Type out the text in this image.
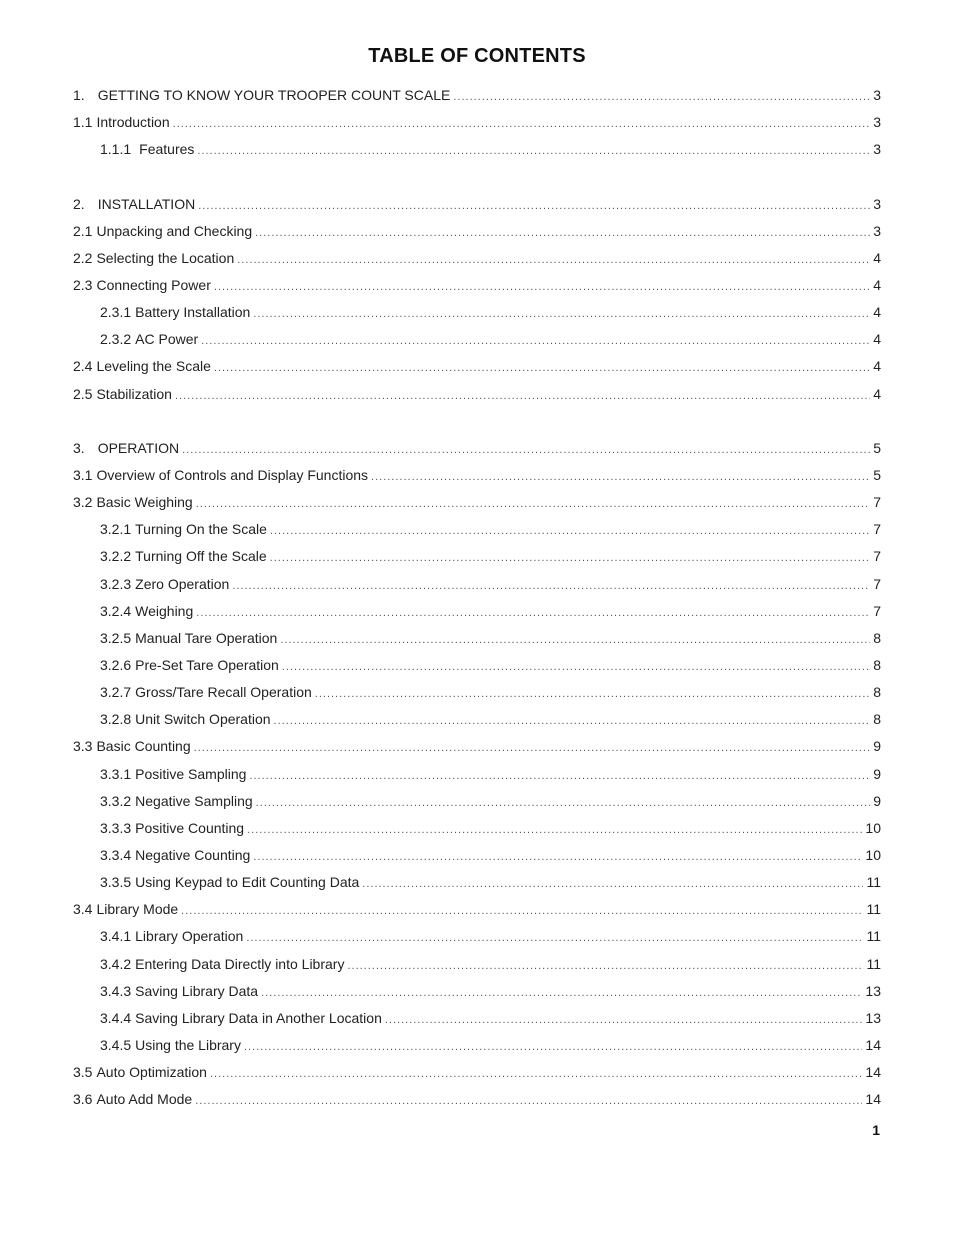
TABLE OF CONTENTS
1. GETTING TO KNOW YOUR TROOPER COUNT SCALE .....	3
1.1 Introduction .....	3
1.1.1 Features .....	3
2. INSTALLATION .....	3
2.1 Unpacking and Checking .....	3
2.2 Selecting the Location .....	4
2.3 Connecting Power .....	4
2.3.1 Battery Installation .....	4
2.3.2 AC Power .....	4
2.4 Leveling the Scale .....	4
2.5 Stabilization .....	4
3. OPERATION .....	5
3.1 Overview of Controls and Display Functions .....	5
3.2 Basic Weighing .....	7
3.2.1 Turning On the Scale .....	7
3.2.2 Turning Off the Scale .....	7
3.2.3 Zero Operation .....	7
3.2.4 Weighing .....	7
3.2.5 Manual Tare Operation .....	8
3.2.6 Pre-Set Tare Operation .....	8
3.2.7 Gross/Tare Recall Operation .....	8
3.2.8 Unit Switch Operation .....	8
3.3 Basic Counting .....	9
3.3.1 Positive Sampling .....	9
3.3.2 Negative Sampling .....	9
3.3.3 Positive Counting .....	10
3.3.4 Negative Counting .....	10
3.3.5 Using Keypad to Edit Counting Data .....	11
3.4 Library Mode .....	11
3.4.1 Library Operation .....	11
3.4.2 Entering Data Directly into Library .....	11
3.4.3 Saving Library Data .....	13
3.4.4 Saving Library Data in Another Location .....	13
3.4.5 Using the Library .....	14
3.5 Auto Optimization .....	14
3.6 Auto Add Mode .....	14
1
